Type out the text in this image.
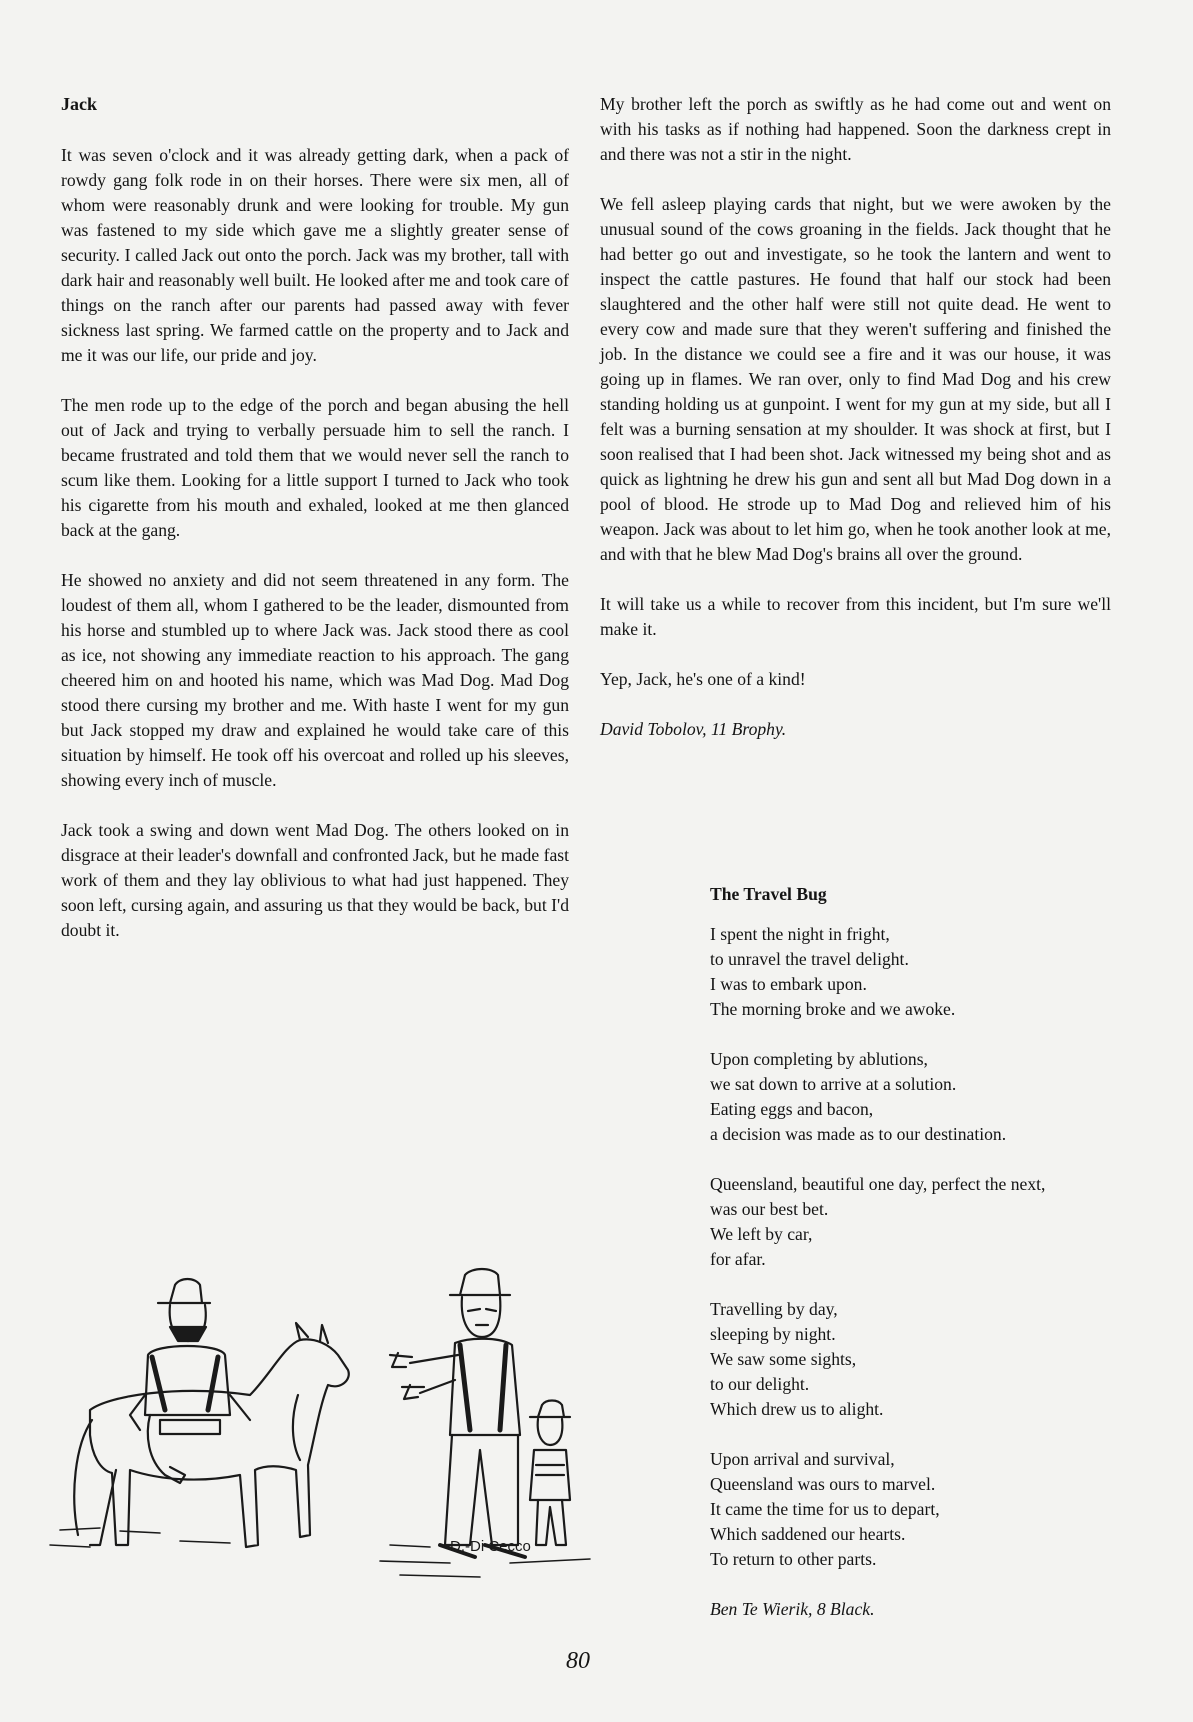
Jack

It was seven o'clock and it was already getting dark, when a pack of rowdy gang folk rode in on their horses. There were six men, all of whom were reasonably drunk and were looking for trouble. My gun was fastened to my side which gave me a slightly greater sense of security. I called Jack out onto the porch. Jack was my brother, tall with dark hair and reasonably well built. He looked after me and took care of things on the ranch after our parents had passed away with fever sickness last spring. We farmed cattle on the property and to Jack and me it was our life, our pride and joy.

The men rode up to the edge of the porch and began abusing the hell out of Jack and trying to verbally persuade him to sell the ranch. I became frustrated and told them that we would never sell the ranch to scum like them. Looking for a little support I turned to Jack who took his cigarette from his mouth and exhaled, looked at me then glanced back at the gang.

He showed no anxiety and did not seem threatened in any form. The loudest of them all, whom I gathered to be the leader, dismounted from his horse and stumbled up to where Jack was. Jack stood there as cool as ice, not showing any immediate reaction to his approach. The gang cheered him on and hooted his name, which was Mad Dog. Mad Dog stood there cursing my brother and me. With haste I went for my gun but Jack stopped my draw and explained he would take care of this situation by himself. He took off his overcoat and rolled up his sleeves, showing every inch of muscle.

Jack took a swing and down went Mad Dog. The others looked on in disgrace at their leader's downfall and confronted Jack, but he made fast work of them and they lay oblivious to what had just happened. They soon left, cursing again, and assuring us that they would be back, but I'd doubt it.

My brother left the porch as swiftly as he had come out and went on with his tasks as if nothing had happened. Soon the darkness crept in and there was not a stir in the night.

We fell asleep playing cards that night, but we were awoken by the unusual sound of the cows groaning in the fields. Jack thought that he had better go out and investigate, so he took the lantern and went to inspect the cattle pastures. He found that half our stock had been slaughtered and the other half were still not quite dead. He went to every cow and made sure that they weren't suffering and finished the job. In the distance we could see a fire and it was our house, it was going up in flames. We ran over, only to find Mad Dog and his crew standing holding us at gunpoint. I went for my gun at my side, but all I felt was a burning sensation at my shoulder. It was shock at first, but I soon realised that I had been shot. Jack witnessed my being shot and as quick as lightning he drew his gun and sent all but Mad Dog down in a pool of blood. He strode up to Mad Dog and relieved him of his weapon. Jack was about to let him go, when he took another look at me, and with that he blew Mad Dog's brains all over the ground.

It will take us a while to recover from this incident, but I'm sure we'll make it.

Yep, Jack, he's one of a kind!

David Tobolov, 11 Brophy.

The Travel Bug
I spent the night in fright,
to unravel the travel delight.
I was to embark upon.
The morning broke and we awoke.
Upon completing by ablutions,
we sat down to arrive at a solution.
Eating eggs and bacon,
a decision was made as to our destination.
Queensland, beautiful one day, perfect the next,
was our best bet.
We left by car,
for afar.
Travelling by day,
sleeping by night.
We saw some sights,
to our delight.
Which drew us to alight.
Upon arrival and survival,
Queensland was ours to marvel.
It came the time for us to depart,
Which saddened our hearts.
To return to other parts.
Ben Te Wierik, 8 Black.
D.-Di Cecco
80
